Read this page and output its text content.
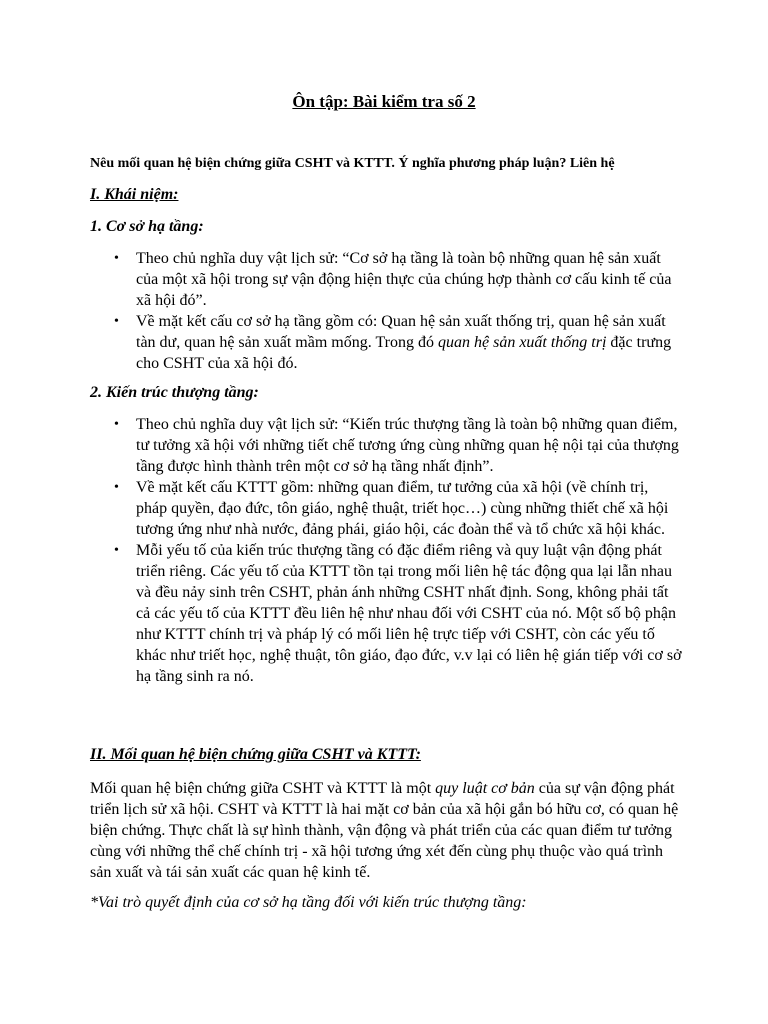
Ôn tập: Bài kiểm tra số 2
Nêu mối quan hệ biện chứng giữa CSHT và KTTT. Ý nghĩa phương pháp luận? Liên hệ
I. Khái niệm:
1. Cơ sở hạ tầng:
• Theo chủ nghĩa duy vật lịch sử: “Cơ sở hạ tầng là toàn bộ những quan hệ sản xuất của một xã hội trong sự vận động hiện thực của chúng hợp thành cơ cấu kinh tế của xã hội đó”.
• Về mặt kết cấu cơ sở hạ tầng gồm có: Quan hệ sản xuất thống trị, quan hệ sản xuất tàn dư, quan hệ sản xuất mầm mống. Trong đó quan hệ sản xuất thống trị đặc trưng cho CSHT của xã hội đó.
2. Kiến trúc thượng tầng:
• Theo chủ nghĩa duy vật lịch sử: “Kiến trúc thượng tầng là toàn bộ những quan điểm, tư tưởng xã hội với những tiết chế tương ứng cùng những quan hệ nội tại của thượng tầng được hình thành trên một cơ sở hạ tầng nhất định”.
• Về mặt kết cấu KTTT gồm: những quan điểm, tư tưởng của xã hội (về chính trị, pháp quyền, đạo đức, tôn giáo, nghệ thuật, triết học…) cùng những thiết chế xã hội tương ứng như nhà nước, đảng phái, giáo hội, các đoàn thể và tổ chức xã hội khác.
• Mỗi yếu tố của kiến trúc thượng tầng có đặc điểm riêng và quy luật vận động phát triển riêng. Các yếu tố của KTTT tồn tại trong mối liên hệ tác động qua lại lẫn nhau và đều nảy sinh trên CSHT, phản ánh những CSHT nhất định. Song, không phải tất cả các yếu tố của KTTT đều liên hệ như nhau đối với CSHT của nó. Một số bộ phận như KTTT chính trị và pháp lý có mối liên hệ trực tiếp với CSHT, còn các yếu tố khác như triết học, nghệ thuật, tôn giáo, đạo đức, v.v lại có liên hệ gián tiếp với cơ sở hạ tầng sinh ra nó.
II. Mối quan hệ biện chứng giữa CSHT và KTTT:

Mối quan hệ biện chứng giữa CSHT và KTTT là một quy luật cơ bản của sự vận động phát triển lịch sử xã hội. CSHT và KTTT là hai mặt cơ bản của xã hội gắn bó hữu cơ, có quan hệ biện chứng. Thực chất là sự hình thành, vận động và phát triển của các quan điểm tư tưởng cùng với những thể chế chính trị - xã hội tương ứng xét đến cùng phụ thuộc vào quá trình sản xuất và tái sản xuất các quan hệ kinh tế.

*Vai trò quyết định của cơ sở hạ tầng đối với kiến trúc thượng tầng:
